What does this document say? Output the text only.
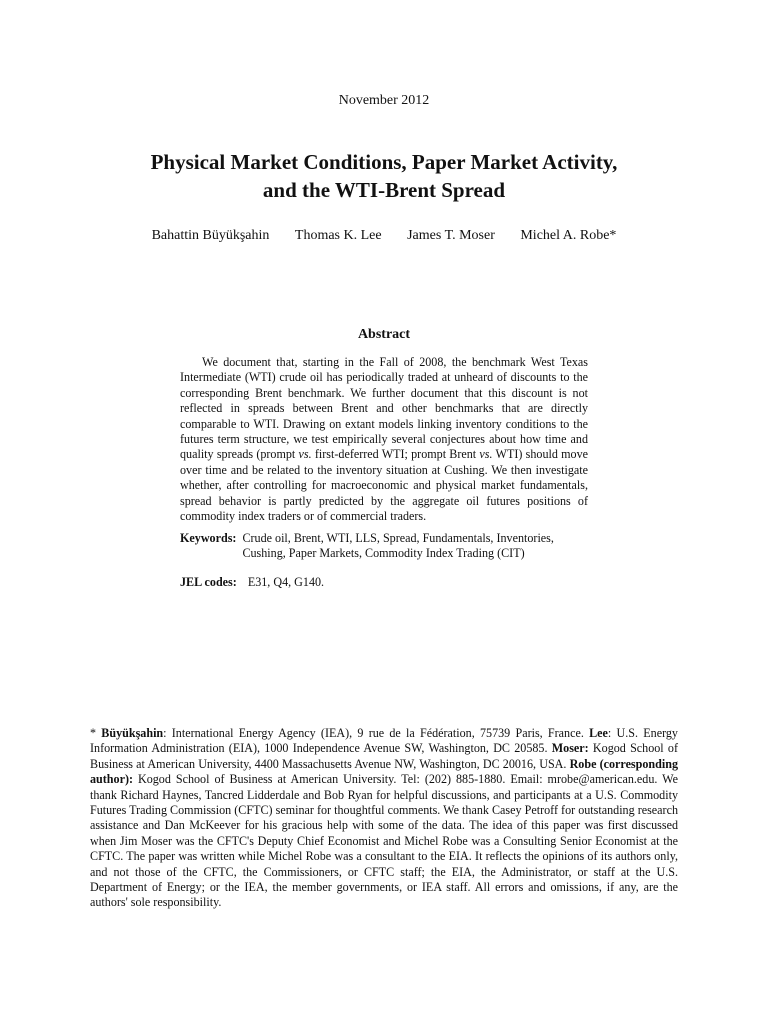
November 2012
Physical Market Conditions, Paper Market Activity,
and the WTI-Brent Spread
Bahattin Büyükşahin Thomas K. Lee James T. Moser Michel A. Robe*
Abstract
We document that, starting in the Fall of 2008, the benchmark West Texas Intermediate (WTI) crude oil has periodically traded at unheard of discounts to the corresponding Brent benchmark. We further document that this discount is not reflected in spreads between Brent and other benchmarks that are directly comparable to WTI. Drawing on extant models linking inventory conditions to the futures term structure, we test empirically several conjectures about how time and quality spreads (prompt vs. first-deferred WTI; prompt Brent vs. WTI) should move over time and be related to the inventory situation at Cushing. We then investigate whether, after controlling for macroeconomic and physical market fundamentals, spread behavior is partly predicted by the aggregate oil futures positions of commodity index traders or of commercial traders.
Keywords: Crude oil, Brent, WTI, LLS, Spread, Fundamentals, Inventories, Cushing, Paper Markets, Commodity Index Trading (CIT)
JEL codes: E31, Q4, G140.
* Büyükşahin: International Energy Agency (IEA), 9 rue de la Fédération, 75739 Paris, France. Lee: U.S. Energy Information Administration (EIA), 1000 Independence Avenue SW, Washington, DC 20585. Moser: Kogod School of Business at American University, 4400 Massachusetts Avenue NW, Washington, DC 20016, USA. Robe (corresponding author): Kogod School of Business at American University. Tel: (202) 885-1880. Email: mrobe@american.edu. We thank Richard Haynes, Tancred Lidderdale and Bob Ryan for helpful discussions, and participants at a U.S. Commodity Futures Trading Commission (CFTC) seminar for thoughtful comments. We thank Casey Petroff for outstanding research assistance and Dan McKeever for his gracious help with some of the data. The idea of this paper was first discussed when Jim Moser was the CFTC's Deputy Chief Economist and Michel Robe was a Consulting Senior Economist at the CFTC. The paper was written while Michel Robe was a consultant to the EIA. It reflects the opinions of its authors only, and not those of the CFTC, the Commissioners, or CFTC staff; the EIA, the Administrator, or staff at the U.S. Department of Energy; or the IEA, the member governments, or IEA staff. All errors and omissions, if any, are the authors' sole responsibility.
